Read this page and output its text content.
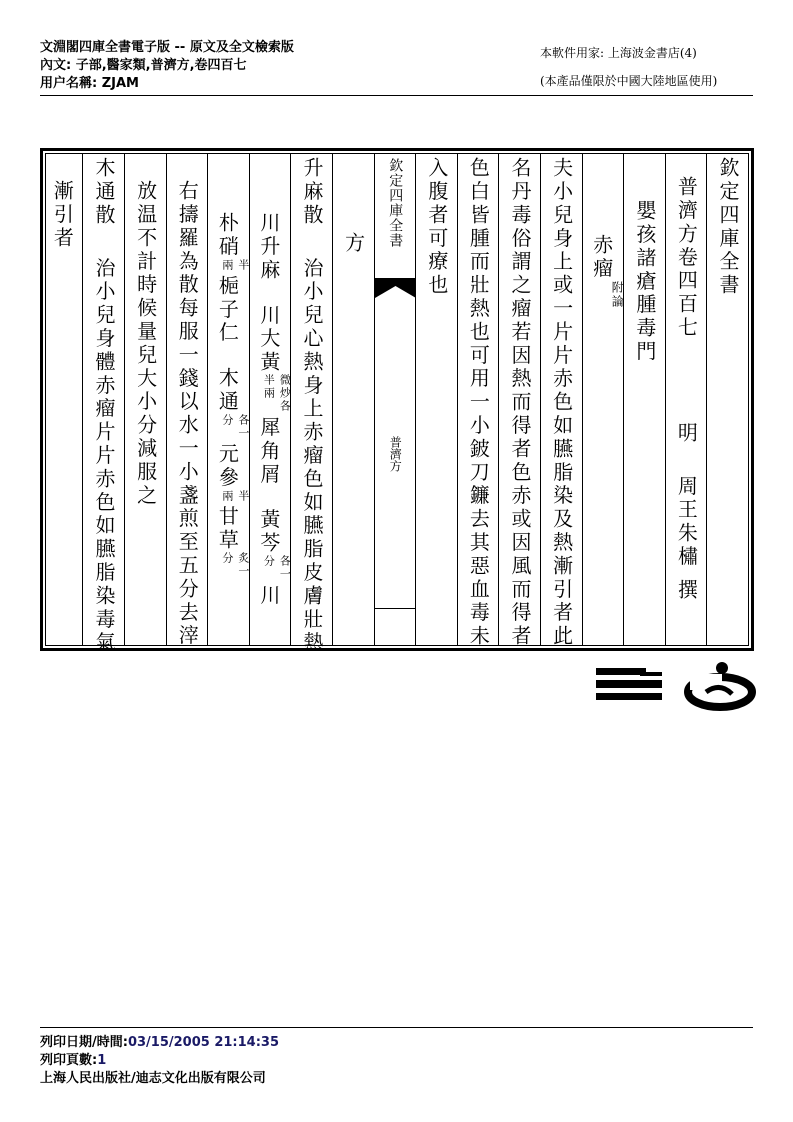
文淵閣四庫全書電子版 -- 原文及全文檢索版
內文: 子部,醫家類,普濟方,卷四百七
用户名稱: ZJAM
本軟件用家: 上海波金書店(4)
(本產品僅限於中國大陸地區使用)
欽定四庫全書
普濟方卷四百七明周王朱橚撰
嬰孩諸瘡腫毒門
赤瘤
附論
夫小兒身上或一片片赤色如臙脂染及熱漸引者此
名丹毒俗謂之瘤若因熱而得者色赤或因風而得者
色白皆腫而壯熱也可用一小鈹刀鐮去其惡血毒未
入腹者可療也
欽定四庫全書
普濟方
方
升麻散治小兒心熱身上赤瘤色如臙脂皮膚壯熱
川升麻川大黃
微炒各
半兩
犀角屑黃芩
各一
分
川
朴硝
半
兩
梔子仁木通
各一
分
元參
半
兩
甘草
炙一
分
右擣羅為散每服一錢以水一小盞煎至五分去滓
放温不計時候量兒大小分減服之
木通散治小兒身體赤瘤片片赤色如臙脂染毒氣
漸引者
列印日期/時間:03/15/2005 21:14:35
列印頁數:1
上海人民出版社/迪志文化出版有限公司
